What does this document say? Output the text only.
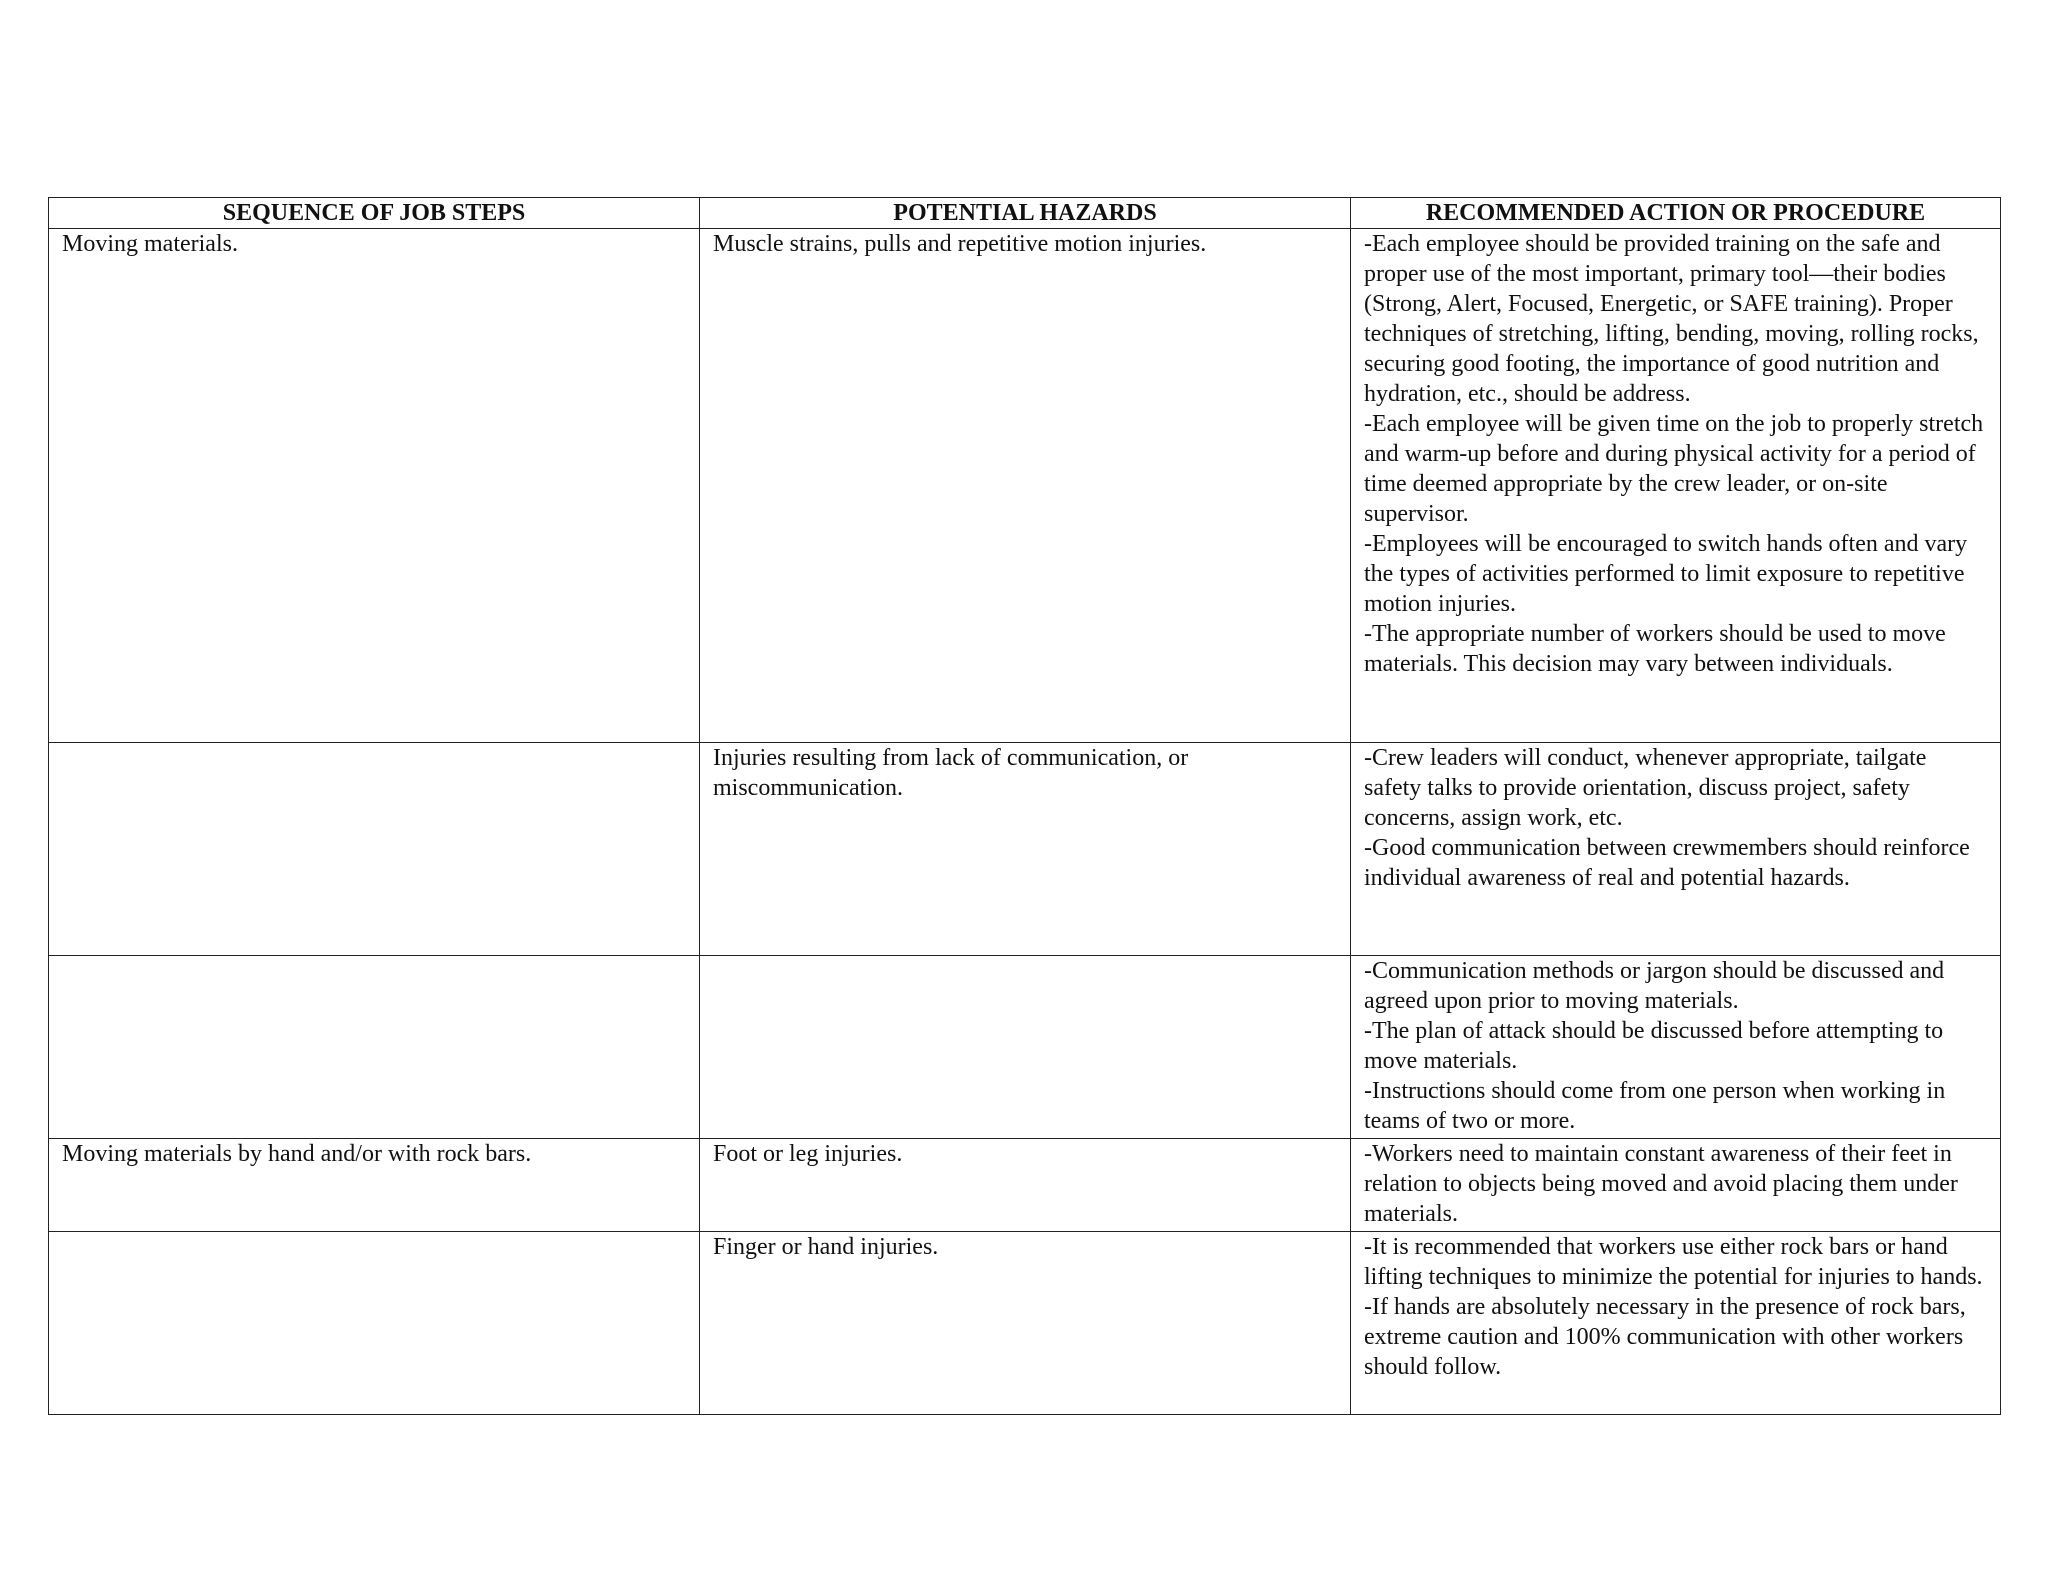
SEQUENCE OF JOB STEPS	POTENTIAL HAZARDS	RECOMMENDED ACTION OR PROCEDURE
Moving materials.	Muscle strains, pulls and repetitive motion injuries.	-Each employee should be provided training on the safe and proper use of the most important, primary tool—their bodies (Strong, Alert, Focused, Energetic, or SAFE training). Proper techniques of stretching, lifting, bending, moving, rolling rocks, securing good footing, the importance of good nutrition and hydration, etc., should be address.
-Each employee will be given time on the job to properly stretch and warm-up before and during physical activity for a period of time deemed appropriate by the crew leader, or on-site supervisor.
-Employees will be encouraged to switch hands often and vary the types of activities performed to limit exposure to repetitive motion injuries.
-The appropriate number of workers should be used to move materials. This decision may vary between individuals.

	Injuries resulting from lack of communication, or miscommunication.	-Crew leaders will conduct, whenever appropriate, tailgate safety talks to provide orientation, discuss project, safety concerns, assign work, etc.
-Good communication between crewmembers should reinforce individual awareness of real and potential hazards.

		-Communication methods or jargon should be discussed and agreed upon prior to moving materials.
-The plan of attack should be discussed before attempting to move materials.
-Instructions should come from one person when working in teams of two or more.

Moving materials by hand and/or with rock bars.	Foot or leg injuries.	-Workers need to maintain constant awareness of their feet in relation to objects being moved and avoid placing them under materials.

	Finger or hand injuries.	-It is recommended that workers use either rock bars or hand lifting techniques to minimize the potential for injuries to hands.
-If hands are absolutely necessary in the presence of rock bars, extreme caution and 100% communication with other workers should follow.
